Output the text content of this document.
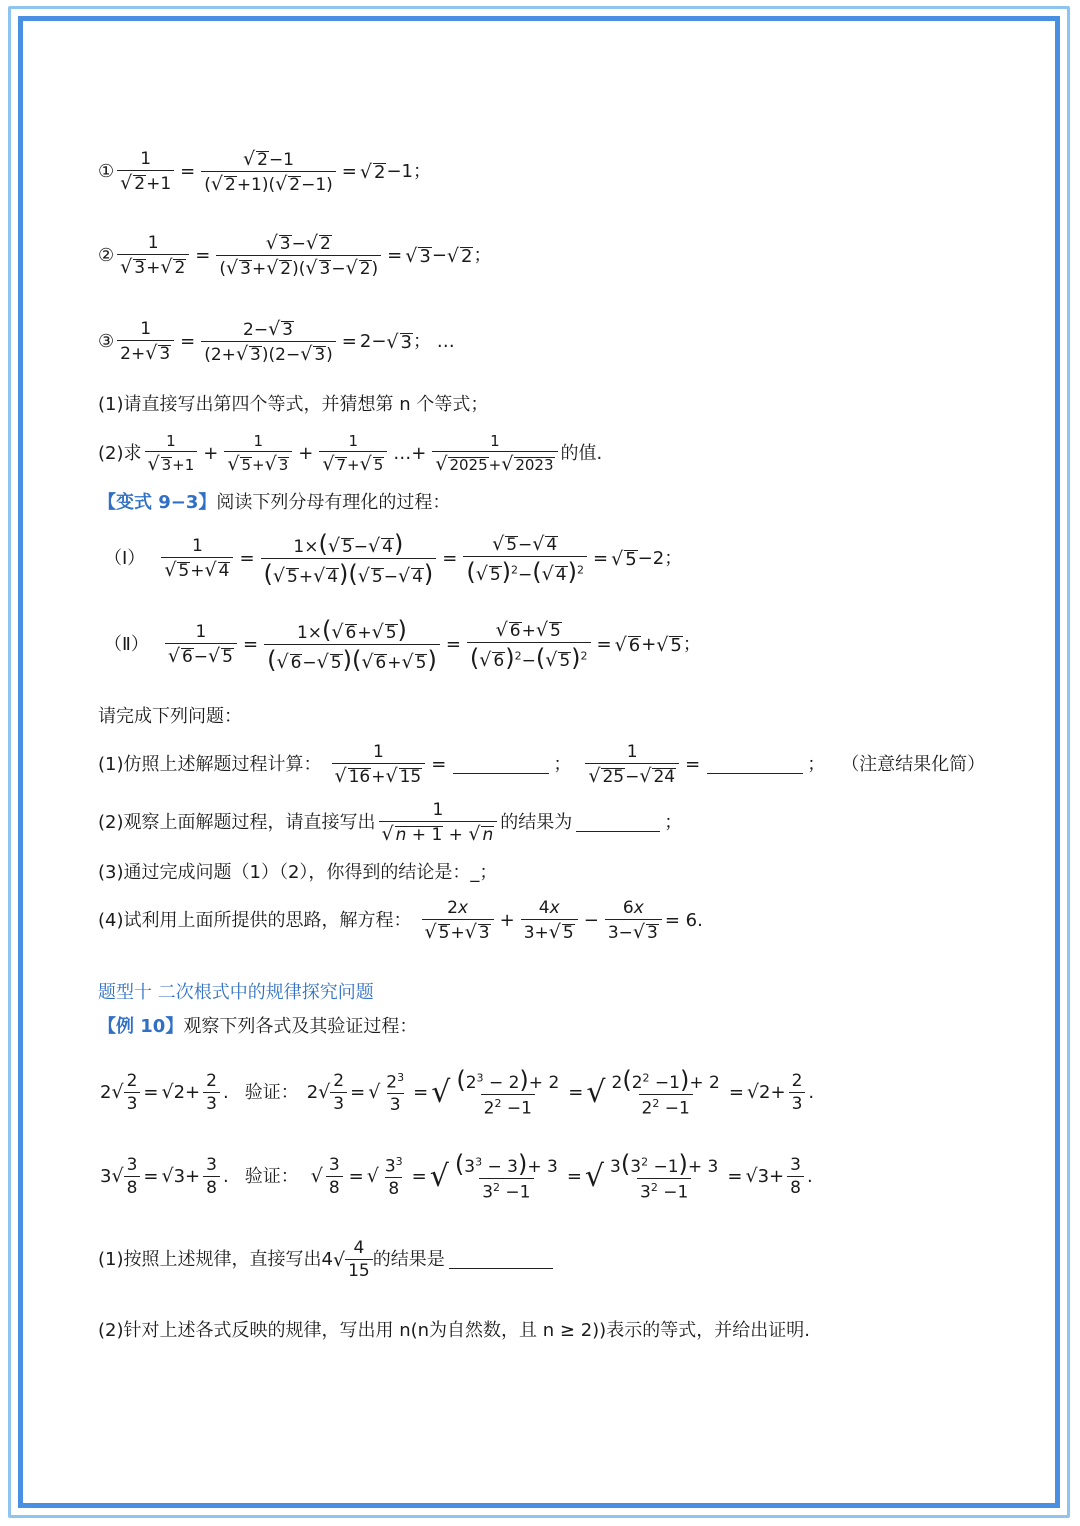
① $\frac{1}{√ 2+1} = \frac{√ 2-1}{(√ 2+1)(√ 2-1)}$ = √ 2 −1 ；
② $\frac{1}{√ 3+√ 2} = \frac{√ 3-√ 2}{(√ 3+√ 2)(√ 3-√ 2)}$ = √ 3 − √ 2 ；
③ $\frac{1}{2+√ 3} = \frac{2-√ 3}{(2+√ 3)(2-√ 3)} = 2-$ √ 3 ； …
(1)请直接写出第四个等式，并猜想第 n 个等式；
(2)求 $\frac{1}{√ 3+1} + \frac{1}{√ 5+√ 3} + \frac{1}{√ 7+√ 5}$ …+ $\frac{1}{√ 2025+√ 2023}$ 的值.
【变式 9−3】 阅读下列分母有理化的过程：
（Ⅰ） $\frac{1}{√ 5+√ 4} = \frac{1\times(√ 5-√ 4)}{(√ 5+√ 4)(√ 5-√ 4)} = \frac{√ 5-√ 4}{(√ 5)^2-(√ 4)^2}$ = √ 5 −2 ；
（Ⅱ） $\frac{1}{√ 6-√ 5} = \frac{1\times(√ 6+√ 5)}{(√ 6-√ 5)(√ 6+√ 5)} = \frac{√ 6+√ 5}{(√ 6)^2-(√ 5)^2}$ = √ 6 + √ 5 ；
请完成下列问题：
(1)仿照上述解题过程计算： $\frac{1}{√ 16+√ 15}$ =	； $\frac{1}{√ 25-√ 24}$ =	； （注意结果化简）
(2)观察上面解题过程，请直接写出 $\frac{1}{√ n + 1 + √ n}$ 的结果为	；
(3)通过完成问题（1）（2），你得到的结论是：_；
(4)试利用上面所提供的思路，解方程： $\frac{2x}{√ 5+√ 3} + \frac{4x}{3+√ 5} - \frac{6x}{3-√ 3} = 6$.
题型十 二次根式中的规律探究问题
【例 10】 观察下列各式及其验证过程：
2 √ $\frac{2}{3}$ = √ $2+ \frac{2}{3}$ . 验证： 2 √ $\frac{2}{3}$ = √ $\frac{2^3}{3}$ = √ $\frac{(2^3 - 2)+ 2}{2^2 -1}$ = √ $\frac{2(2^2 -1)+ 2}{2^2 -1}$ = √ $2+ \frac{2}{3}$ .
3 √ $\frac{3}{8}$ = √ $3+ \frac{3}{8}$ . 验证： √ $\frac{3}{8}$ = √ $\frac{3^3}{8}$ = √ $\frac{(3^3 - 3)+ 3}{3^2 -1}$ = √ $\frac{3(3^2 -1)+ 3}{3^2 -1}$ = √ $3+ \frac{3}{8}$ .
(1)按照上述规律，直接写出 4 √ $\frac{4}{15}$ 的结果是
(2)针对上述各式反映的规律，写出用 n(n为自然数，且 n ≥ 2))表示的等式，并给出证明.
